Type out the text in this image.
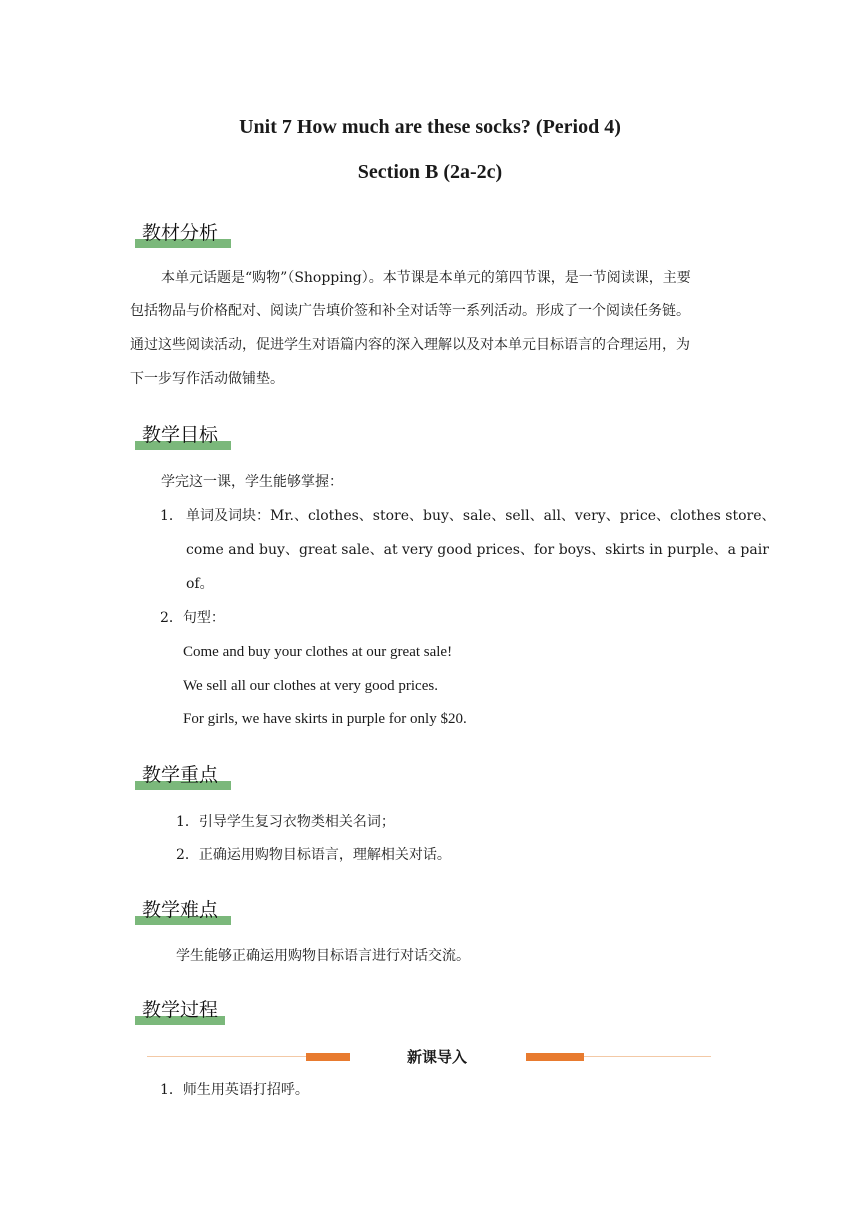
Unit 7 How much are these socks? (Period 4)
Section B (2a-2c)
教材分析
本单元话题是“购物”（Shopping）。本节课是本单元的第四节课，是一节阅读课，主要
包括物品与价格配对、阅读广告填价签和补全对话等一系列活动。形成了一个阅读任务链。
通过这些阅读活动，促进学生对语篇内容的深入理解以及对本单元目标语言的合理运用，为
下一步写作活动做铺垫。
教学目标
学完这一课，学生能够掌握：
1． 单词及词块：Mr.、clothes、store、buy、sale、sell、all、very、price、clothes store、
come and buy、great sale、at very good prices、for boys、skirts in purple、a pair
of。
2．句型：
Come and buy your clothes at our great sale!
We sell all our clothes at very good prices.
For girls, we have skirts in purple for only $20.
教学重点
1．引导学生复习衣物类相关名词；
2．正确运用购物目标语言，理解相关对话。
教学难点
学生能够正确运用购物目标语言进行对话交流。
教学过程
新课导入
1．师生用英语打招呼。
